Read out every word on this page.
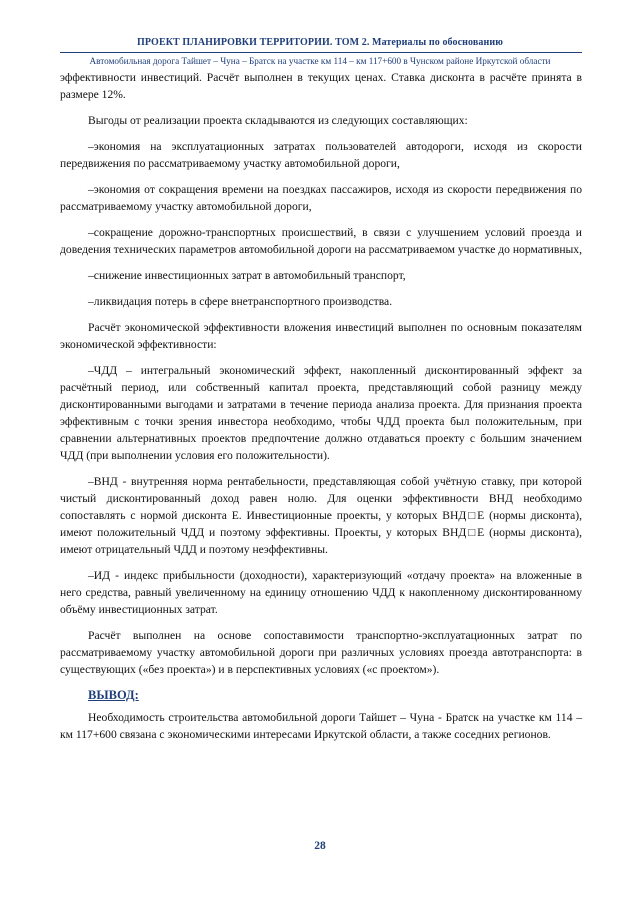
ПРОЕКТ ПЛАНИРОВКИ ТЕРРИТОРИИ. ТОМ 2. Материалы по обоснованию
Автомобильная дорога Тайшет – Чуна – Братск на участке км 114 – км 117+600 в Чунском районе Иркутской области

эффективности инвестиций. Расчёт выполнен в текущих ценах. Ставка дисконта в расчёте принята в размере 12%.

Выгоды от реализации проекта складываются из следующих составляющих:

–экономия на эксплуатационных затратах пользователей автодороги, исходя из скорости передвижения по рассматриваемому участку автомобильной дороги,

–экономия от сокращения времени на поездках пассажиров, исходя из скорости передвижения по рассматриваемому участку автомобильной дороги,

–сокращение дорожно-транспортных происшествий, в связи с улучшением условий проезда и доведения технических параметров автомобильной дороги на рассматриваемом участке до нормативных,

–снижение инвестиционных затрат в автомобильный транспорт,

–ликвидация потерь в сфере внетранспортного производства.

Расчёт экономической эффективности вложения инвестиций выполнен по основным показателям экономической эффективности:

–ЧДД – интегральный экономический эффект, накопленный дисконтированный эффект за расчётный период, или собственный капитал проекта, представляющий собой разницу между дисконтированными выгодами и затратами в течение периода анализа проекта. Для признания проекта эффективным с точки зрения инвестора необходимо, чтобы ЧДД проекта был положительным, при сравнении альтернативных проектов предпочтение должно отдаваться проекту с большим значением ЧДД (при выполнении условия его положительности).

–ВНД - внутренняя норма рентабельности, представляющая собой учётную ставку, при которой чистый дисконтированный доход равен нолю. Для оценки эффективности ВНД необходимо сопоставлять с нормой дисконта Е. Инвестиционные проекты, у которых ВНД□Е (нормы дисконта), имеют положительный ЧДД и поэтому эффективны. Проекты, у которых ВНД□Е (нормы дисконта), имеют отрицательный ЧДД и поэтому неэффективны.

–ИД - индекс прибыльности (доходности), характеризующий «отдачу проекта» на вложенные в него средства, равный увеличенному на единицу отношению ЧДД к накопленному дисконтированному объёму инвестиционных затрат.

Расчёт выполнен на основе сопоставимости транспортно-эксплуатационных затрат по рассматриваемому участку автомобильной дороги при различных условиях проезда автотранспорта: в существующих («без проекта») и в перспективных условиях («с проектом»).

ВЫВОД:

Необходимость строительства автомобильной дороги Тайшет – Чуна - Братск на участке км 114 – км 117+600 связана с экономическими интересами Иркутской области, а также соседних регионов.

28
